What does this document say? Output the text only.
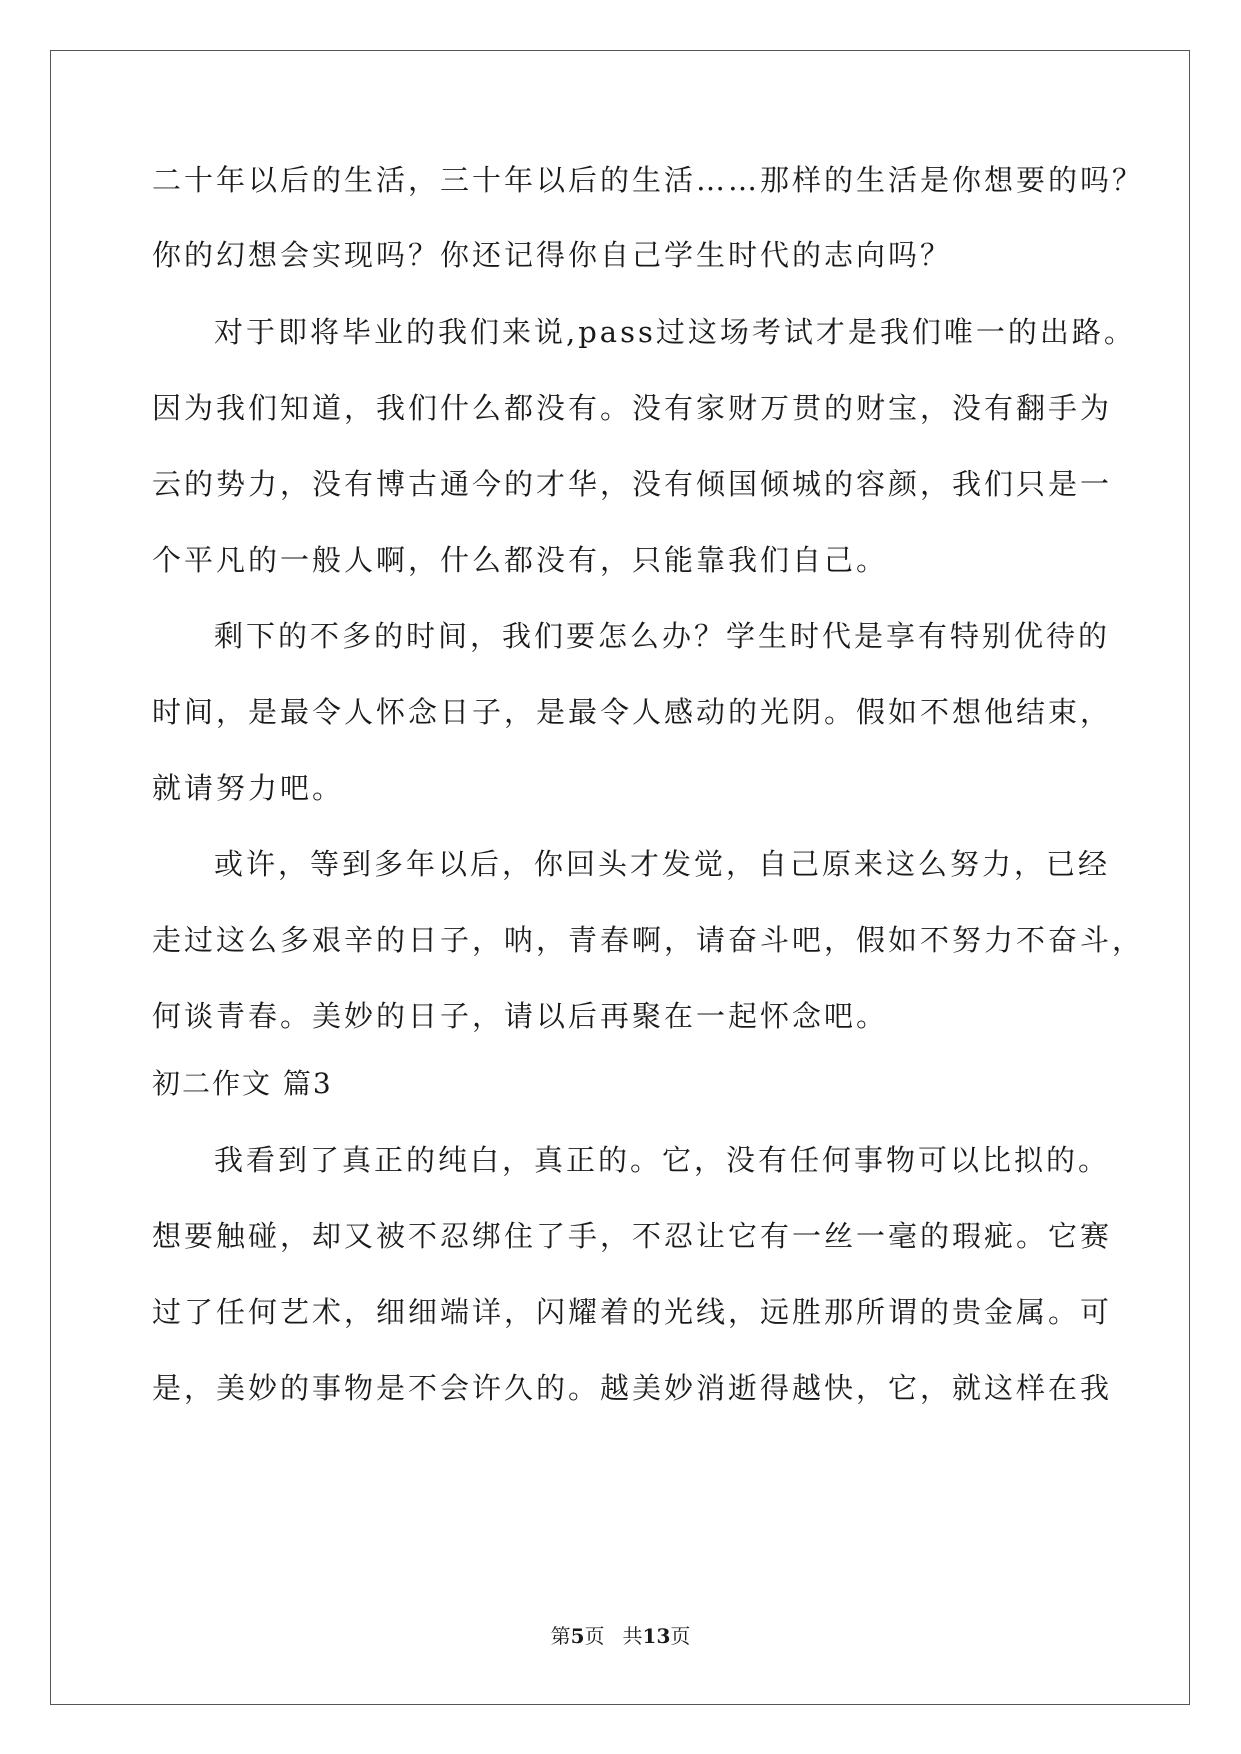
二十年以后的生活，三十年以后的生活……那样的生活是你想要的吗？
你的幻想会实现吗？你还记得你自己学生时代的志向吗？
对于即将毕业的我们来说,pass过这场考试才是我们唯一的出路。
因为我们知道，我们什么都没有。没有家财万贯的财宝，没有翻手为
云的势力，没有博古通今的才华，没有倾国倾城的容颜，我们只是一
个平凡的一般人啊，什么都没有，只能靠我们自己。
剩下的不多的时间，我们要怎么办？学生时代是享有特别优待的
时间，是最令人怀念日子，是最令人感动的光阴。假如不想他结束，
就请努力吧。
或许，等到多年以后，你回头才发觉，自己原来这么努力，已经
走过这么多艰辛的日子，呐，青春啊，请奋斗吧，假如不努力不奋斗，
何谈青春。美妙的日子，请以后再聚在一起怀念吧。
初二作文 篇3
我看到了真正的纯白，真正的。它，没有任何事物可以比拟的。
想要触碰，却又被不忍绑住了手，不忍让它有一丝一毫的瑕疵。它赛
过了任何艺术，细细端详，闪耀着的光线，远胜那所谓的贵金属。可
是，美妙的事物是不会许久的。越美妙消逝得越快，它，就这样在我
第5页 共13页
